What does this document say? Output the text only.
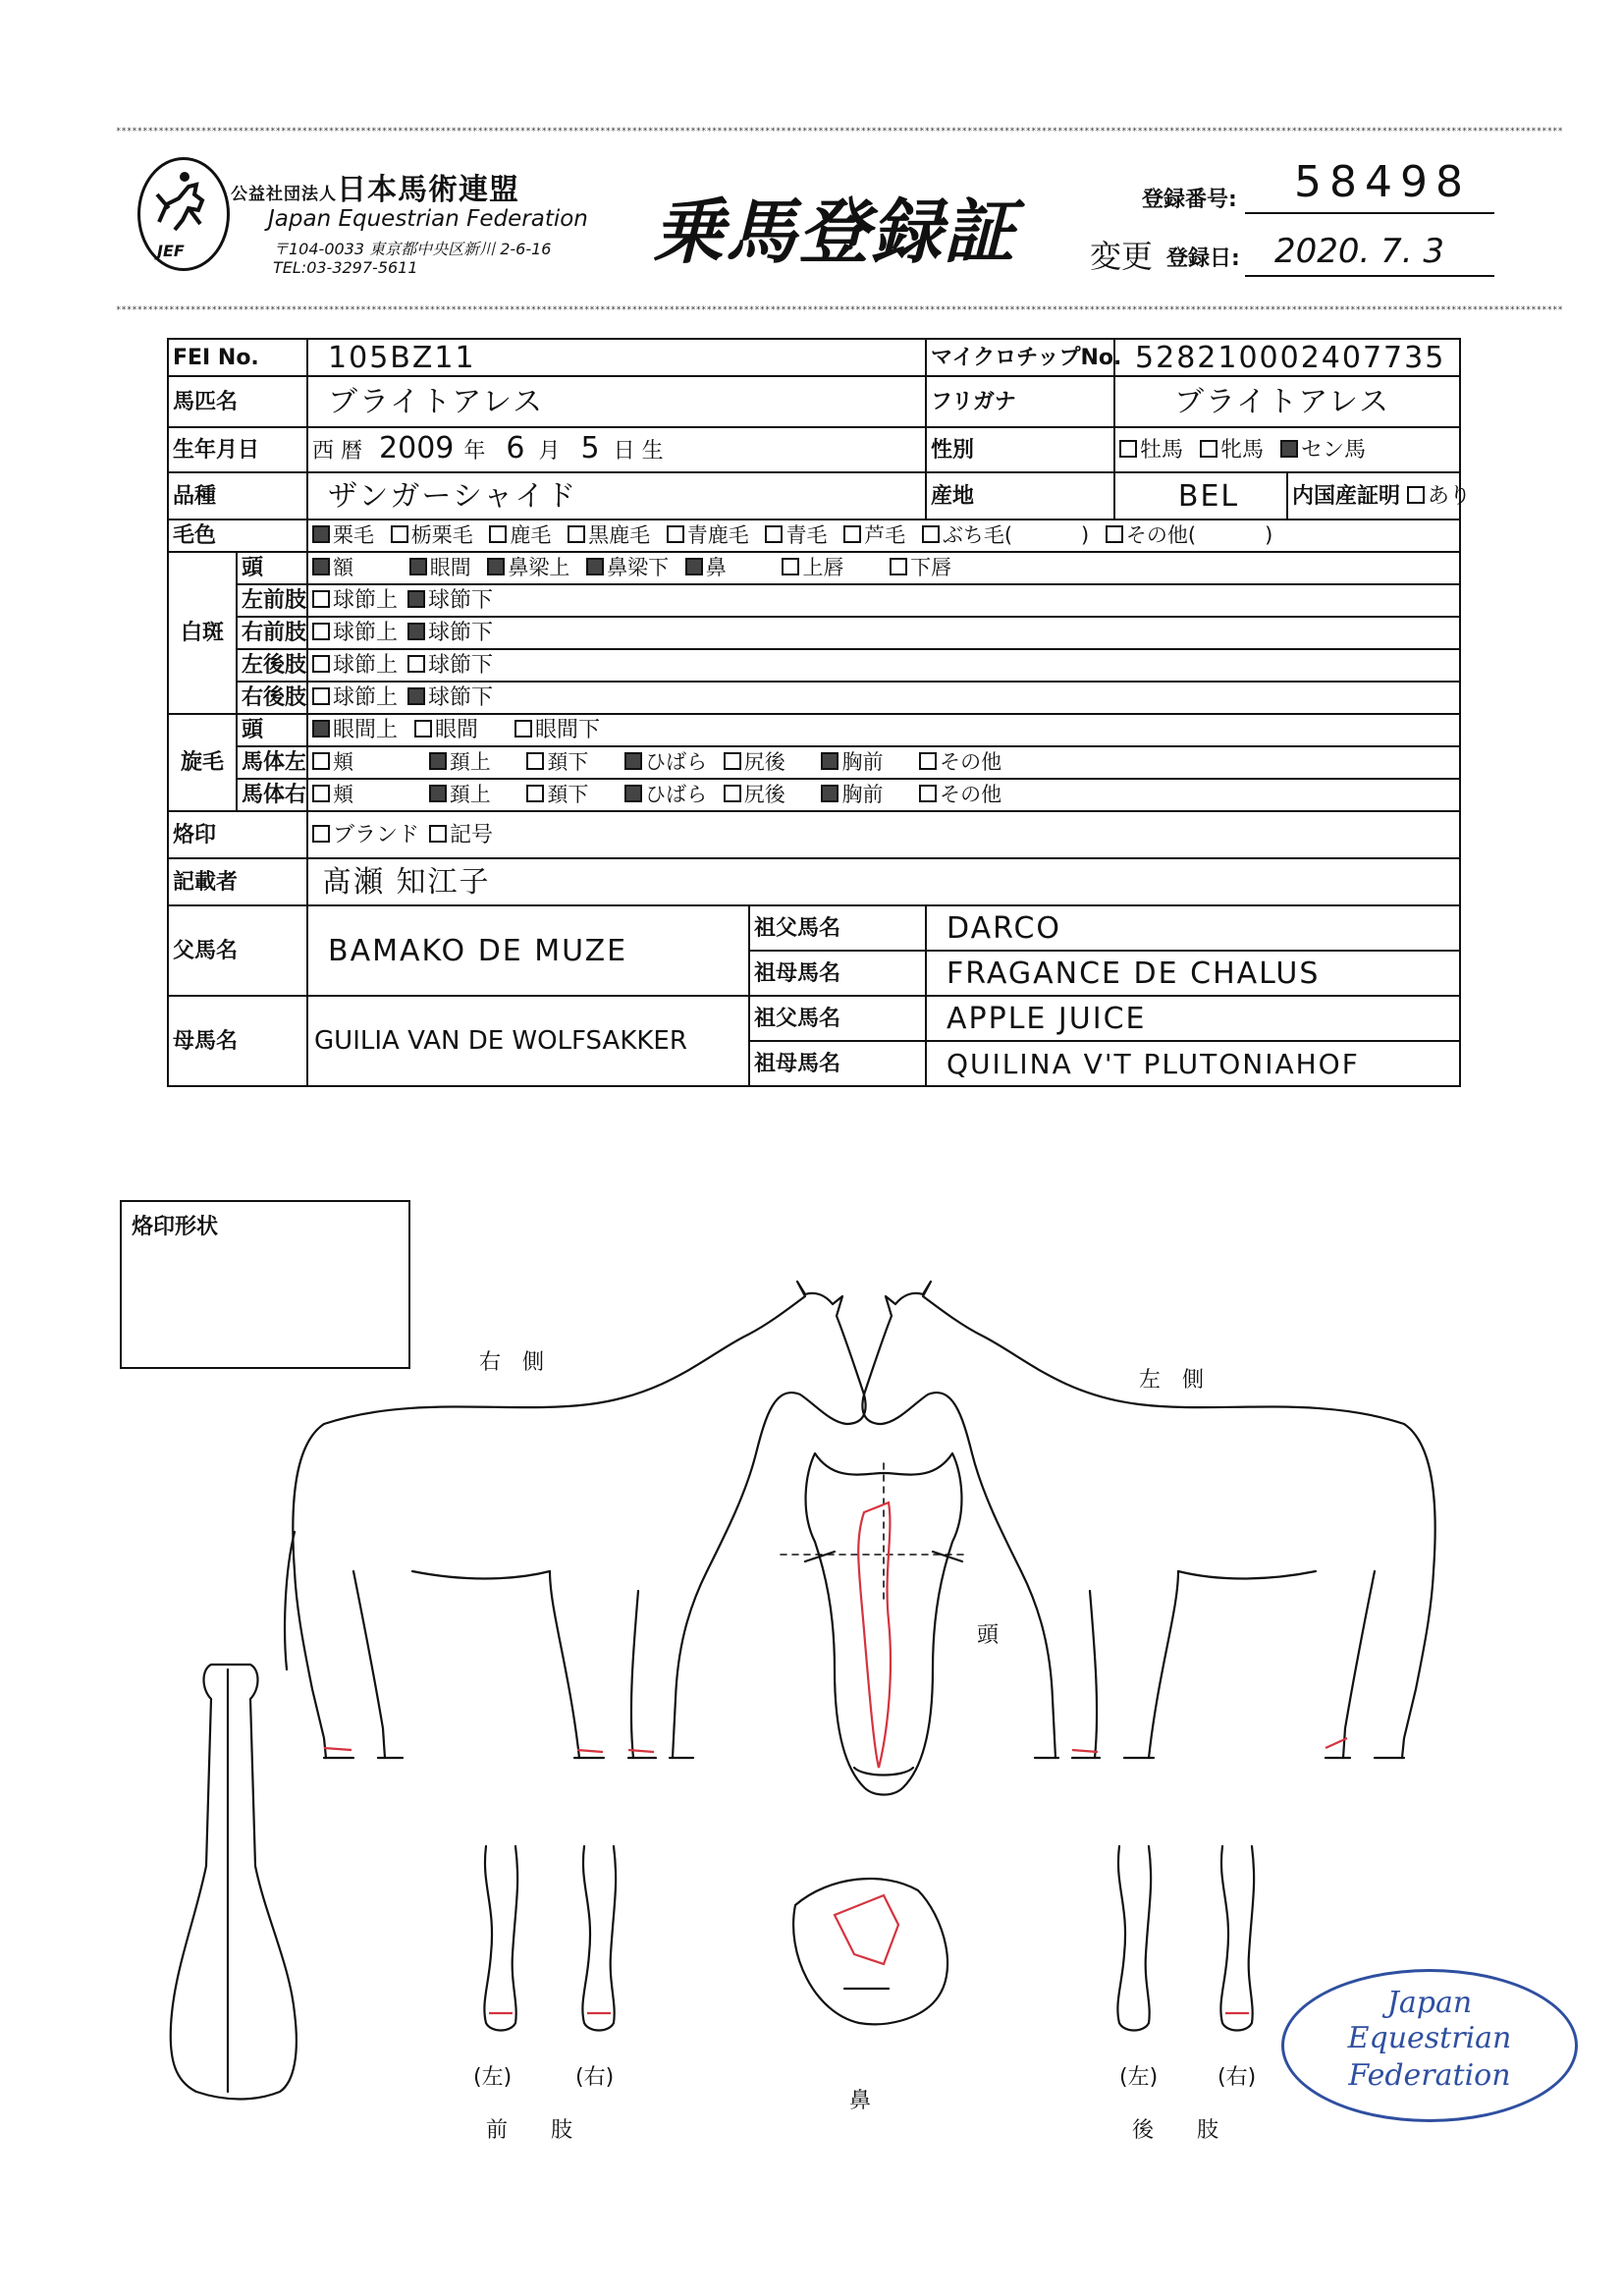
********************************************************************************************************************************************************************************************************************************************************************************
********************************************************************************************************************************************************************************************************************************************************************************
JEF
公益社団法人日本馬術連盟
Japan Equestrian Federation
〒104-0033 東京都中央区新川 2-6-16
TEL:03-3297-5611	乗馬登録証	登録番号: 58498
変更 登録日: 2020. 7. 3
FEI No.		105BZ11		マイクロチップNo.	528210002407735	
馬匹名		ブライトアレス		フリガナ	ブライトアレス	
生年月日		西 暦 2009 年 6 月 5 日 生		性別	牡馬 牝馬 セン馬	
品種		ザンガーシャイド		産地	BEL	内国産証明 あり
毛色		栗毛 栃栗毛 鹿毛 黒鹿毛 青鹿毛 青毛 芦毛 ぶち毛( ) その他( )				
白斑	頭	額 眼間 鼻梁上 鼻梁下 鼻 上唇 下唇				
	左前肢	球節上 球節下				
	右前肢	球節上 球節下				
	左後肢	球節上 球節下				
	右後肢	球節上 球節下				
旋毛	頭	眼間上 眼間 眼間下				
	馬体左	頬 頚上 頚下 ひばら 尻後 胸前 その他				
	馬体右	頬 頚上 頚下 ひばら 尻後 胸前 その他				
烙印		ブランド 記号				
記載者		髙瀬 知江子				
父馬名		BAMAKO DE MUZE	祖父馬名	DARCO		
			祖母馬名	FRAGANCE DE CHALUS		
母馬名		GUILIA VAN DE WOLFSAKKER	祖父馬名	APPLE JUICE		
			祖母馬名	QUILINA V'T PLUTONIAHOF		
烙印形状
右　側
左　側
頭
鼻
(左)	(右)
前　　肢
(左)	(右)
後　　肢
Japan
Equestrian
Federation
